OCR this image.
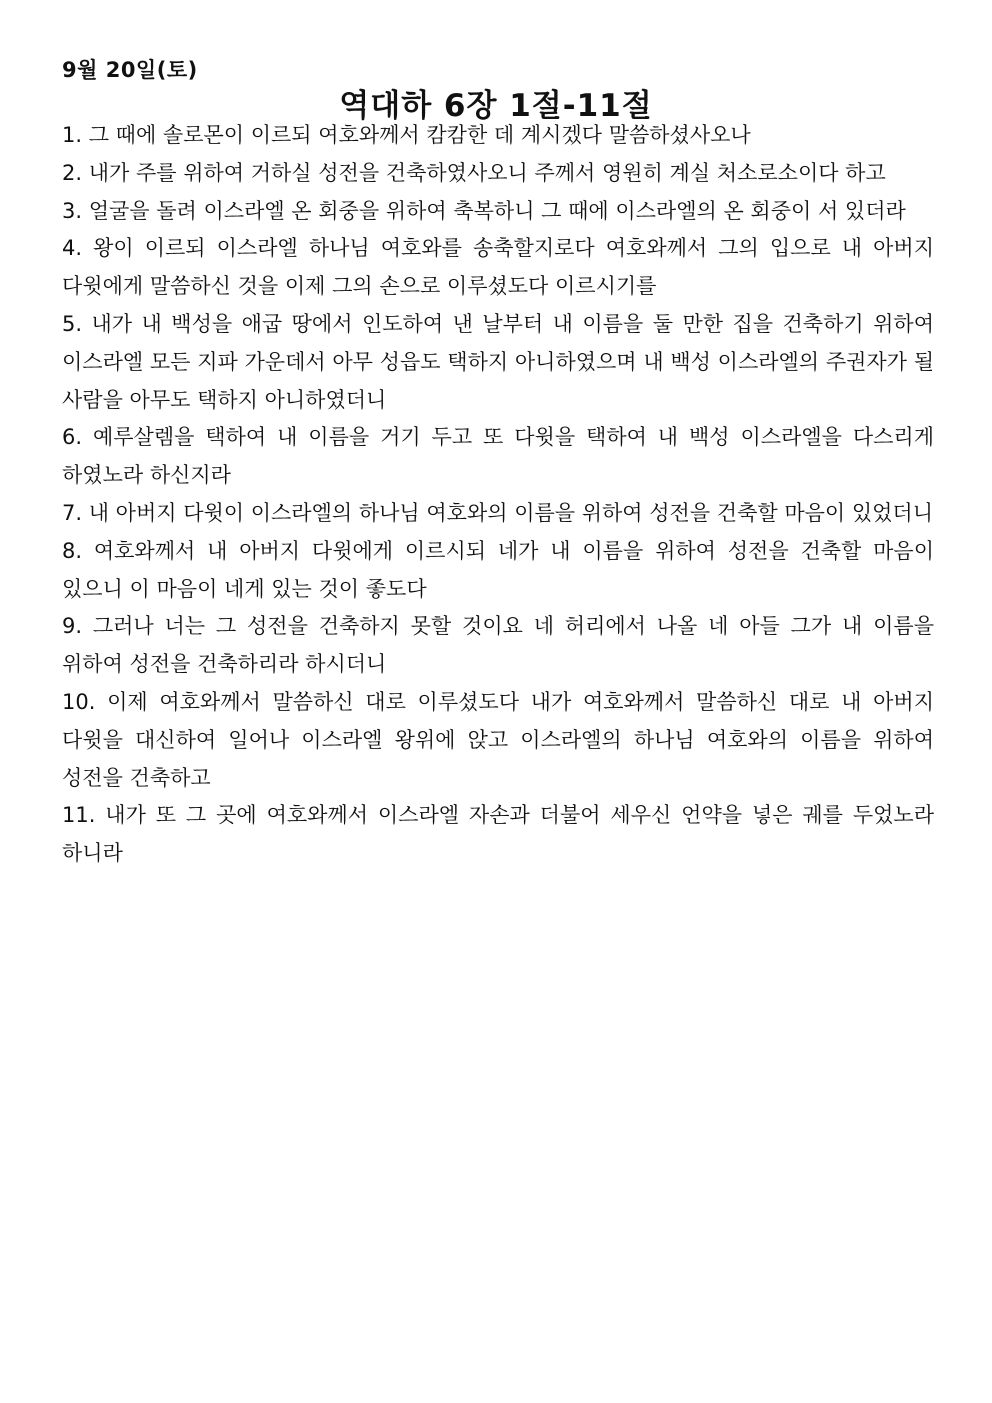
9월 20일(토)
역대하 6장 1절-11절
1. 그 때에 솔로몬이 이르되 여호와께서 캄캄한 데 계시겠다 말씀하셨사오나
2. 내가 주를 위하여 거하실 성전을 건축하였사오니 주께서 영원히 계실 처소로소이다 하고
3. 얼굴을 돌려 이스라엘 온 회중을 위하여 축복하니 그 때에 이스라엘의 온 회중이 서 있더라
4. 왕이 이르되 이스라엘 하나님 여호와를 송축할지로다 여호와께서 그의 입으로 내 아버지 다윗에게 말씀하신 것을 이제 그의 손으로 이루셨도다 이르시기를
5. 내가 내 백성을 애굽 땅에서 인도하여 낸 날부터 내 이름을 둘 만한 집을 건축하기 위하여 이스라엘 모든 지파 가운데서 아무 성읍도 택하지 아니하였으며 내 백성 이스라엘의 주권자가 될 사람을 아무도 택하지 아니하였더니
6. 예루살렘을 택하여 내 이름을 거기 두고 또 다윗을 택하여 내 백성 이스라엘을 다스리게 하였노라 하신지라
7. 내 아버지 다윗이 이스라엘의 하나님 여호와의 이름을 위하여 성전을 건축할 마음이 있었더니
8. 여호와께서 내 아버지 다윗에게 이르시되 네가 내 이름을 위하여 성전을 건축할 마음이 있으니 이 마음이 네게 있는 것이 좋도다
9. 그러나 너는 그 성전을 건축하지 못할 것이요 네 허리에서 나올 네 아들 그가 내 이름을 위하여 성전을 건축하리라 하시더니
10. 이제 여호와께서 말씀하신 대로 이루셨도다 내가 여호와께서 말씀하신 대로 내 아버지 다윗을 대신하여 일어나 이스라엘 왕위에 앉고 이스라엘의 하나님 여호와의 이름을 위하여 성전을 건축하고
11. 내가 또 그 곳에 여호와께서 이스라엘 자손과 더불어 세우신 언약을 넣은 궤를 두었노라 하니라
